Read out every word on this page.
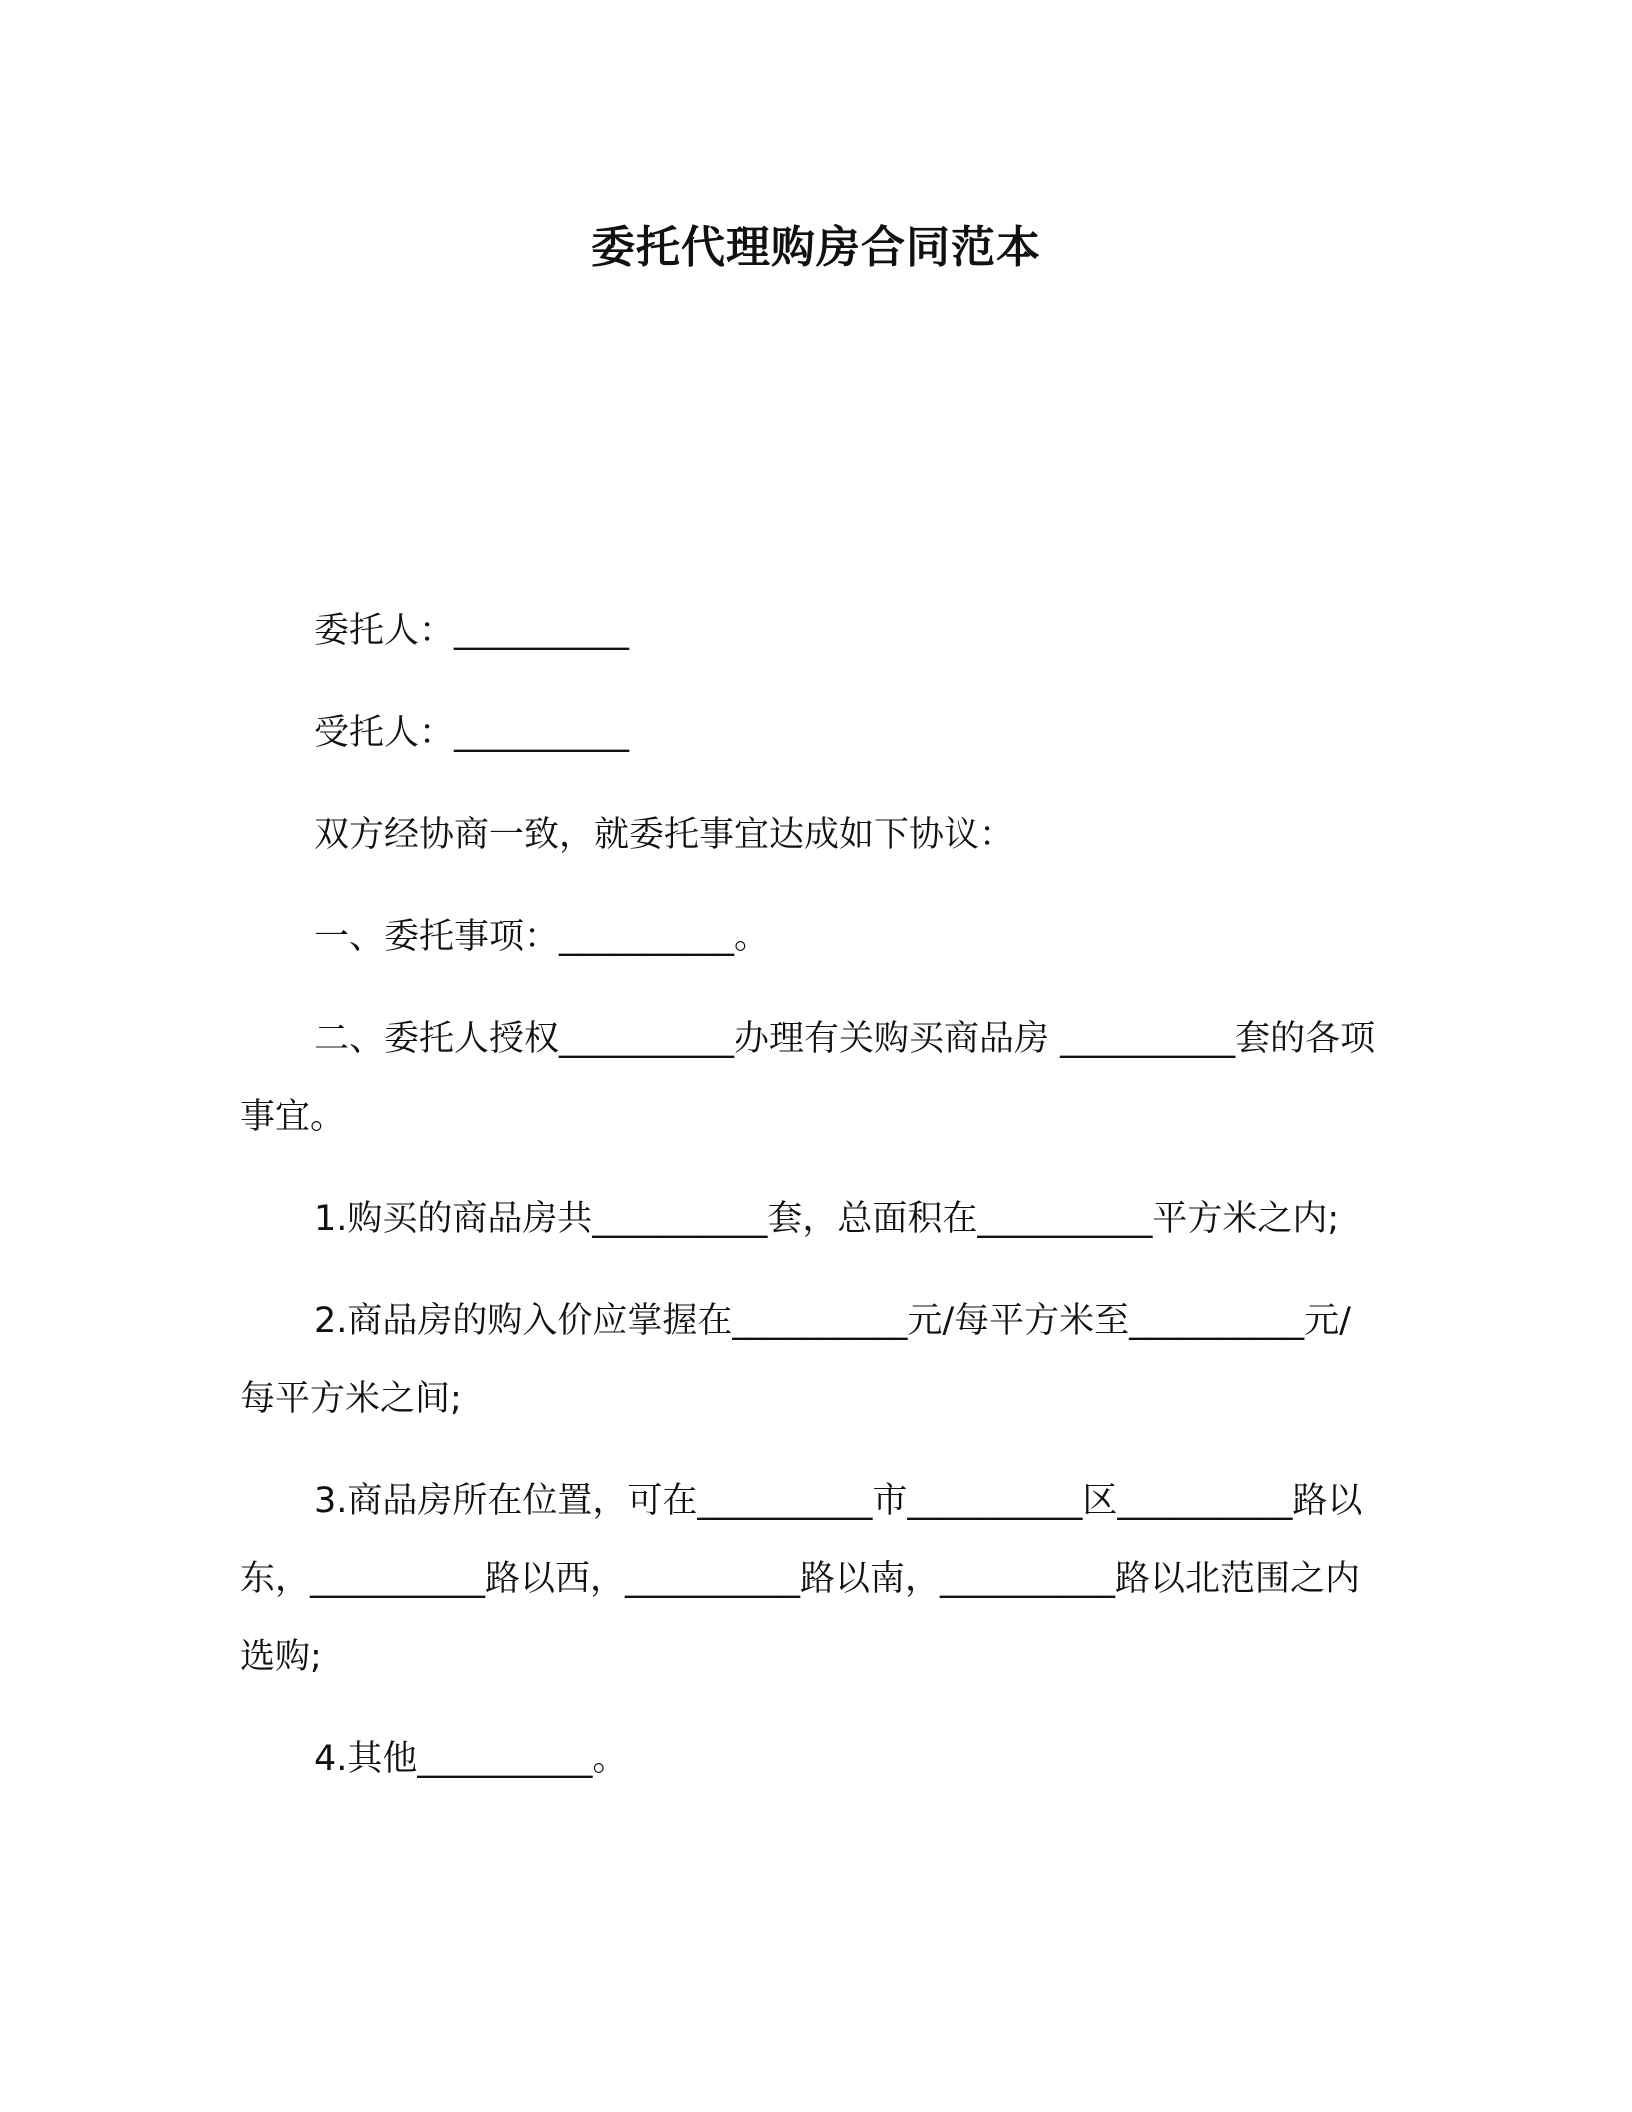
委托代理购房合同范本

委托人：__________

受托人：__________

双方经协商一致，就委托事宜达成如下协议：

一、委托事项：__________。

二、委托人授权__________办理有关购买商品房 __________套的各项事宜。

1.购买的商品房共__________套，总面积在__________平方米之内;

2.商品房的购入价应掌握在__________元/每平方米至__________元/每平方米之间;

3.商品房所在位置，可在__________市__________区__________路以东，__________路以西，__________路以南，__________路以北范围之内选购;

4.其他__________。
